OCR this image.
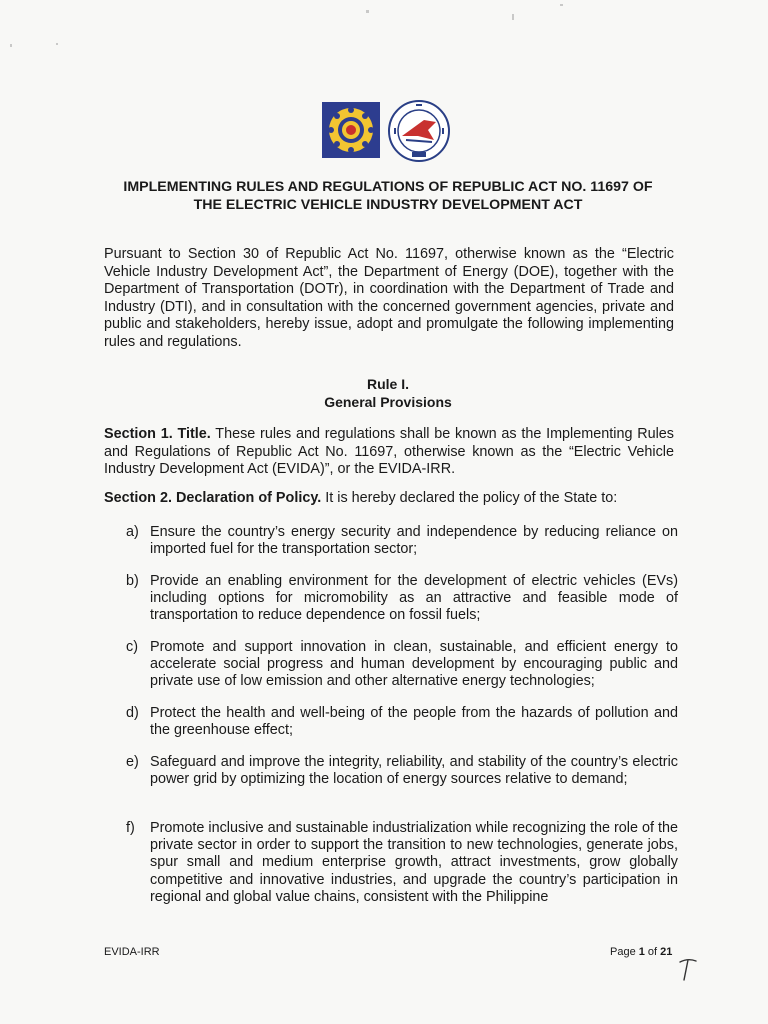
IMPLEMENTING RULES AND REGULATIONS OF REPUBLIC ACT NO. 11697 OF
THE ELECTRIC VEHICLE INDUSTRY DEVELOPMENT ACT
Pursuant to Section 30 of Republic Act No. 11697, otherwise known as the “Electric Vehicle Industry Development Act”, the Department of Energy (DOE), together with the Department of Transportation (DOTr), in coordination with the Department of Trade and Industry (DTI), and in consultation with the concerned government agencies, private and public and stakeholders, hereby issue, adopt and promulgate the following implementing rules and regulations.
Rule I.
General Provisions
Section 1. Title. These rules and regulations shall be known as the Implementing Rules and Regulations of Republic Act No. 11697, otherwise known as the “Electric Vehicle Industry Development Act (EVIDA)”, or the EVIDA-IRR.
Section 2. Declaration of Policy. It is hereby declared the policy of the State to:
a) Ensure the country’s energy security and independence by reducing reliance on imported fuel for the transportation sector;
b) Provide an enabling environment for the development of electric vehicles (EVs) including options for micromobility as an attractive and feasible mode of transportation to reduce dependence on fossil fuels;
c) Promote and support innovation in clean, sustainable, and efficient energy to accelerate social progress and human development by encouraging public and private use of low emission and other alternative energy technologies;
d) Protect the health and well-being of the people from the hazards of pollution and the greenhouse effect;
e) Safeguard and improve the integrity, reliability, and stability of the country’s electric power grid by optimizing the location of energy sources relative to demand;
f) Promote inclusive and sustainable industrialization while recognizing the role of the private sector in order to support the transition to new technologies, generate jobs, spur small and medium enterprise growth, attract investments, grow globally competitive and innovative industries, and upgrade the country’s participation in regional and global value chains, consistent with the Philippine
EVIDA-IRR	Page 1 of 21
